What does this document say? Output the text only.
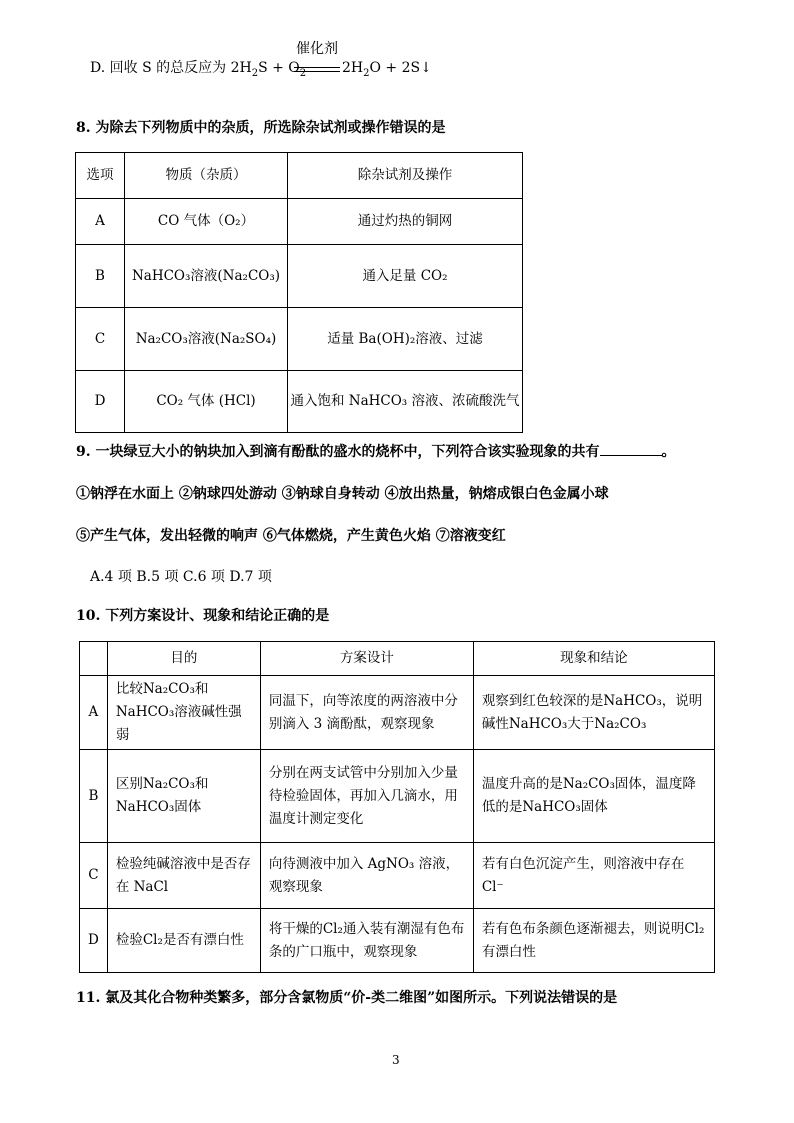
D. 回收 S 的总反应为 $2H_2S + O_2$
催化剂
$2H_2O$ + 2S↓
8. 为除去下列物质中的杂质，所选除杂试剂或操作错误的是
选项	物质（杂质）	除杂试剂及操作
A	CO 气体（O₂）	通过灼热的铜网
B	NaHCO₃溶液(Na₂CO₃)	通入足量 CO₂
C	Na₂CO₃溶液(Na₂SO₄)	适量 Ba(OH)₂溶液、过滤
D	CO₂ 气体 (HCl)	通入饱和 NaHCO₃ 溶液、浓硫酸洗气
9. 一块绿豆大小的钠块加入到滴有酚酞的盛水的烧杯中，下列符合该实验现象的共有	。
①钠浮在水面上 ②钠球四处游动 ③钠球自身转动 ④放出热量，钠熔成银白色金属小球
⑤产生气体，发出轻微的响声 ⑥气体燃烧，产生黄色火焰 ⑦溶液变红
A.4 项 B.5 项 C.6 项 D.7 项
10. 下列方案设计、现象和结论正确的是
	目的	方案设计	现象和结论
A	比较Na₂CO₃和NaHCO₃溶液碱性强弱	同温下，向等浓度的两溶液中分别滴入 3 滴酚酞，观察现象	观察到红色较深的是NaHCO₃，说明碱性NaHCO₃大于Na₂CO₃
B	区别Na₂CO₃和NaHCO₃固体	分别在两支试管中分别加入少量待检验固体，再加入几滴水，用温度计测定变化	温度升高的是Na₂CO₃固体，温度降低的是NaHCO₃固体
C	检验纯碱溶液中是否存在 NaCl	向待测液中加入 AgNO₃ 溶液，观察现象	若有白色沉淀产生，则溶液中存在 Cl⁻
D	检验Cl₂是否有漂白性	将干燥的Cl₂通入装有潮湿有色布条的广口瓶中，观察现象	若有色布条颜色逐渐褪去，则说明Cl₂有漂白性
11. 氯及其化合物种类繁多，部分含氯物质“价-类二维图”如图所示。下列说法错误的是
3
